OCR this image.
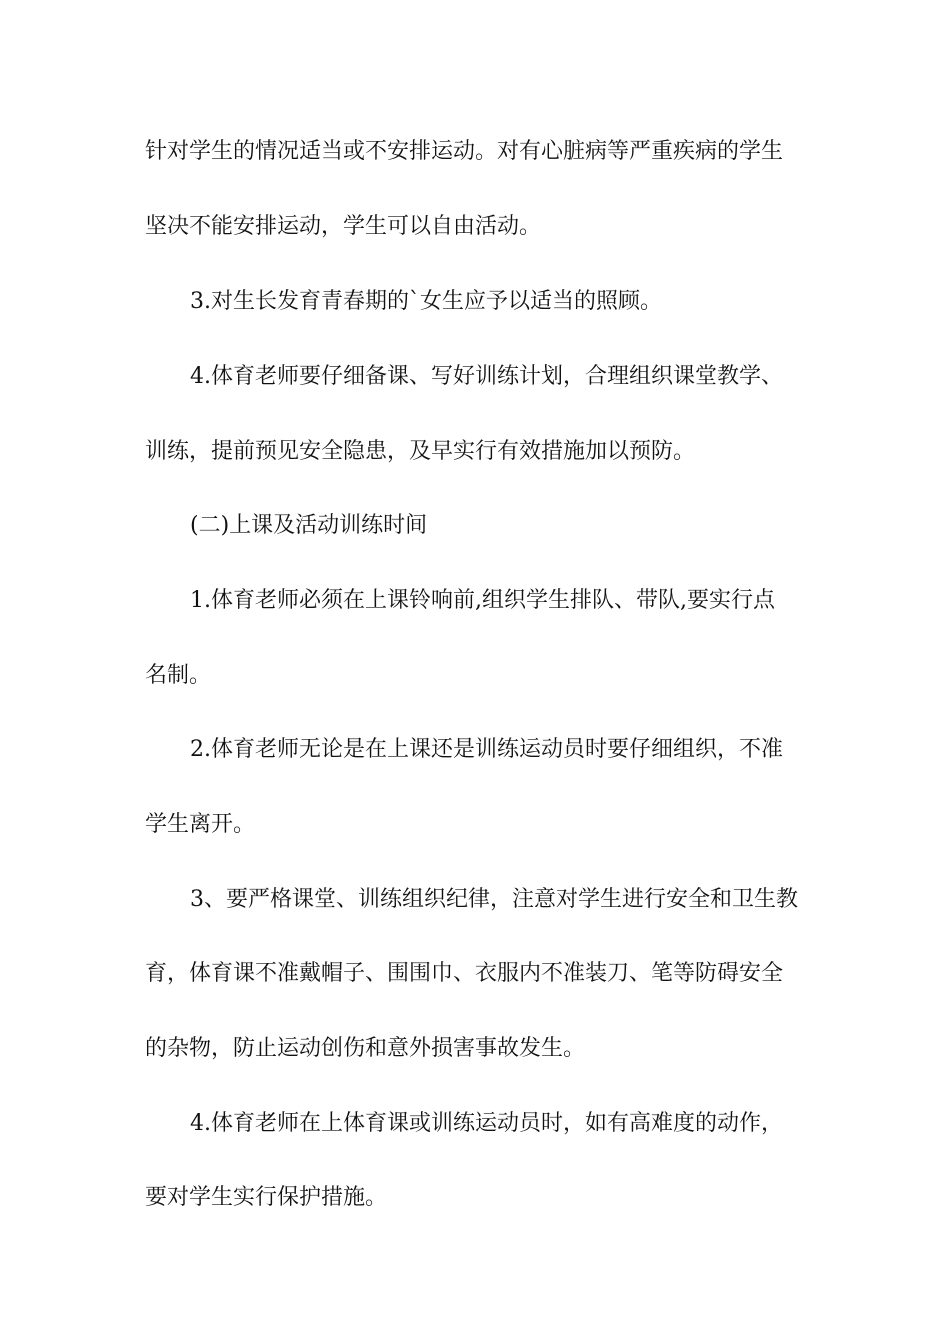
针对学生的情况适当或不安排运动。对有心脏病等严重疾病的学生
坚决不能安排运动，学生可以自由活动。
3.对生长发育青春期的`女生应予以适当的照顾。
4.体育老师要仔细备课、写好训练计划，合理组织课堂教学、
训练，提前预见安全隐患，及早实行有效措施加以预防。
(二)上课及活动训练时间
1.体育老师必须在上课铃响前,组织学生排队、带队,要实行点
名制。
2.体育老师无论是在上课还是训练运动员时要仔细组织，不准
学生离开。
3、要严格课堂、训练组织纪律，注意对学生进行安全和卫生教
育，体育课不准戴帽子、围围巾、衣服内不准装刀、笔等防碍安全
的杂物，防止运动创伤和意外损害事故发生。
4.体育老师在上体育课或训练运动员时，如有高难度的动作，
要对学生实行保护措施。
